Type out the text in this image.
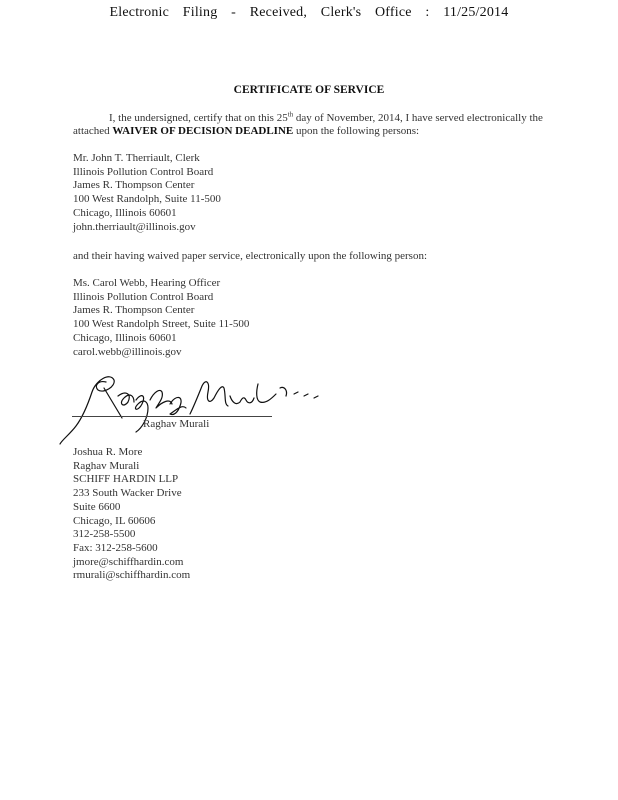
Electronic Filing - Received, Clerk's Office : 11/25/2014
CERTIFICATE OF SERVICE
I, the undersigned, certify that on this 25th day of November, 2014, I have served electronically the attached WAIVER OF DECISION DEADLINE upon the following persons:
Mr. John T. Therriault, Clerk
Illinois Pollution Control Board
James R. Thompson Center
100 West Randolph, Suite 11-500
Chicago, Illinois 60601
john.therriault@illinois.gov
and their having waived paper service, electronically upon the following person:
Ms. Carol Webb, Hearing Officer
Illinois Pollution Control Board
James R. Thompson Center
100 West Randolph Street, Suite 11-500
Chicago, Illinois 60601
carol.webb@illinois.gov
Raghav Murali
Joshua R. More
Raghav Murali
SCHIFF HARDIN LLP
233 South Wacker Drive
Suite 6600
Chicago, IL 60606
312-258-5500
Fax: 312-258-5600
jmore@schiffhardin.com
rmurali@schiffhardin.com
